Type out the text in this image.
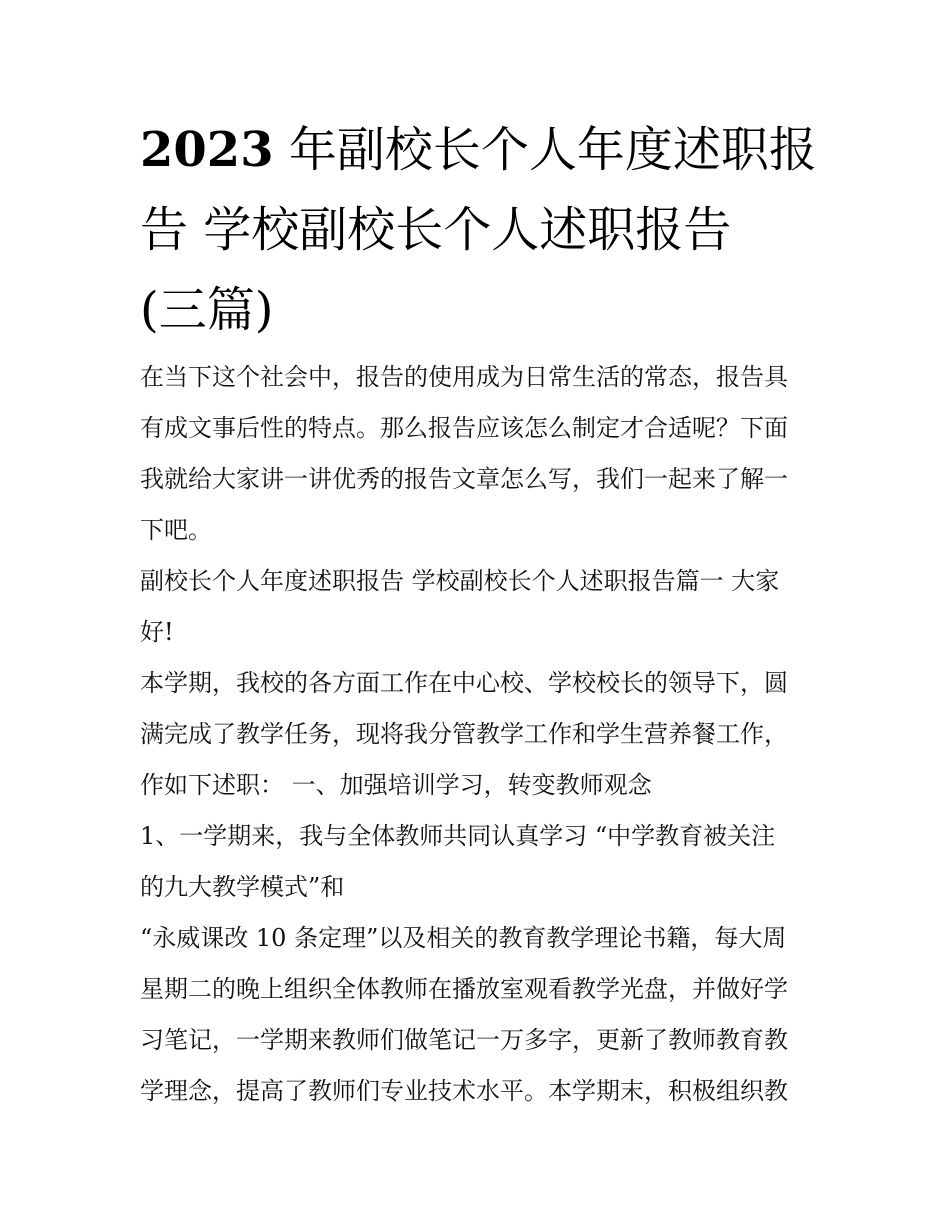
2023 年副校长个人年度述职报
告 学校副校长个人述职报告
(三篇)

在当下这个社会中，报告的使用成为日常生活的常态，报告具
有成文事后性的特点。那么报告应该怎么制定才合适呢？下面
我就给大家讲一讲优秀的报告文章怎么写，我们一起来了解一
下吧。

副校长个人年度述职报告 学校副校长个人述职报告篇一 大家
好!

本学期，我校的各方面工作在中心校、学校校长的领导下，圆
满完成了教学任务，现将我分管教学工作和学生营养餐工作，
作如下述职： 一、加强培训学习，转变教师观念

1、一学期来，我与全体教师共同认真学习 “中学教育被关注
的九大教学模式”和

“永威课改 10 条定理”以及相关的教育教学理论书籍，每大周
星期二的晚上组织全体教师在播放室观看教学光盘，并做好学
习笔记，一学期来教师们做笔记一万多字，更新了教师教育教
学理念，提高了教师们专业技术水平。本学期末，积极组织教
